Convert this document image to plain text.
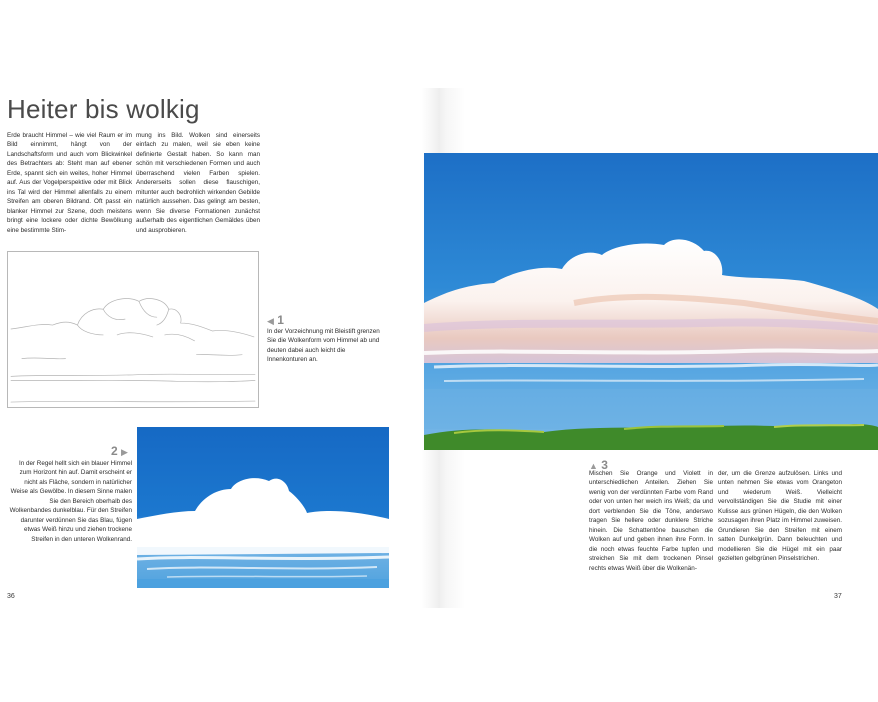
Heiter bis wolkig

Erde braucht Himmel – wie viel Raum er im Bild einnimmt, hängt von der Landschaftsform und auch vom Blickwinkel des Betrachters ab: Steht man auf ebener Erde, spannt sich ein weites, hoher Himmel auf. Aus der Vogelperspektive oder mit Blick ins Tal wird der Himmel allenfalls zu einem Streifen am oberen Bildrand. Oft passt ein blanker Himmel zur Szene, doch meistens bringt eine lockere oder dichte Bewölkung eine bestimmte Stim-

mung ins Bild. Wolken sind einerseits einfach zu malen, weil sie eben keine definierte Gestalt haben. So kann man schön mit verschiedenen Formen und auch überraschend vielen Farben spielen. Andererseits sollen diese flauschigen, mitunter auch bedrohlich wirkenden Gebilde natürlich aussehen. Das gelingt am besten, wenn Sie diverse Formationen zunächst außerhalb des eigentlichen Gemäldes üben und ausprobieren.

◀ 1
In der Vorzeichnung mit Bleistift grenzen Sie die Wolkenform vom Himmel ab und deuten dabei auch leicht die Innenkonturen an.
2 ▶
In der Regel hellt sich ein blauer Himmel zum Horizont hin auf. Damit erscheint er nicht als Fläche, sondern in natürlicher Weise als Gewölbe. In diesem Sinne malen Sie den Bereich oberhalb des Wolkenbandes dunkelblau. Für den Streifen darunter verdünnen Sie das Blau, fügen etwas Weiß hinzu und ziehen trockene Streifen in den unteren Wolkenrand.
▲ 3

Mischen Sie Orange und Violett in unterschiedlichen Anteilen. Ziehen Sie wenig von der verdünnten Farbe vom Rand oder von unten her weich ins Weiß; da und dort verblenden Sie die Töne, anderswo tragen Sie hellere oder dunklere Striche hinein. Die Schattentöne bauschen die Wolken auf und geben ihnen ihre Form. In die noch etwas feuchte Farbe tupfen und streichen Sie mit dem trockenen Pinsel rechts etwas Weiß über die Wolkenän-

der, um die Grenze aufzulösen. Links und unten nehmen Sie etwas vom Orangeton und wiederum Weiß. Vielleicht vervollständigen Sie die Studie mit einer Kulisse aus grünen Hügeln, die den Wolken sozusagen ihren Platz im Himmel zuweisen. Grundieren Sie den Streifen mit einem satten Dunkelgrün. Dann beleuchten und modellieren Sie die Hügel mit ein paar gezielten gelbgrünen Pinselstrichen.

36	37
